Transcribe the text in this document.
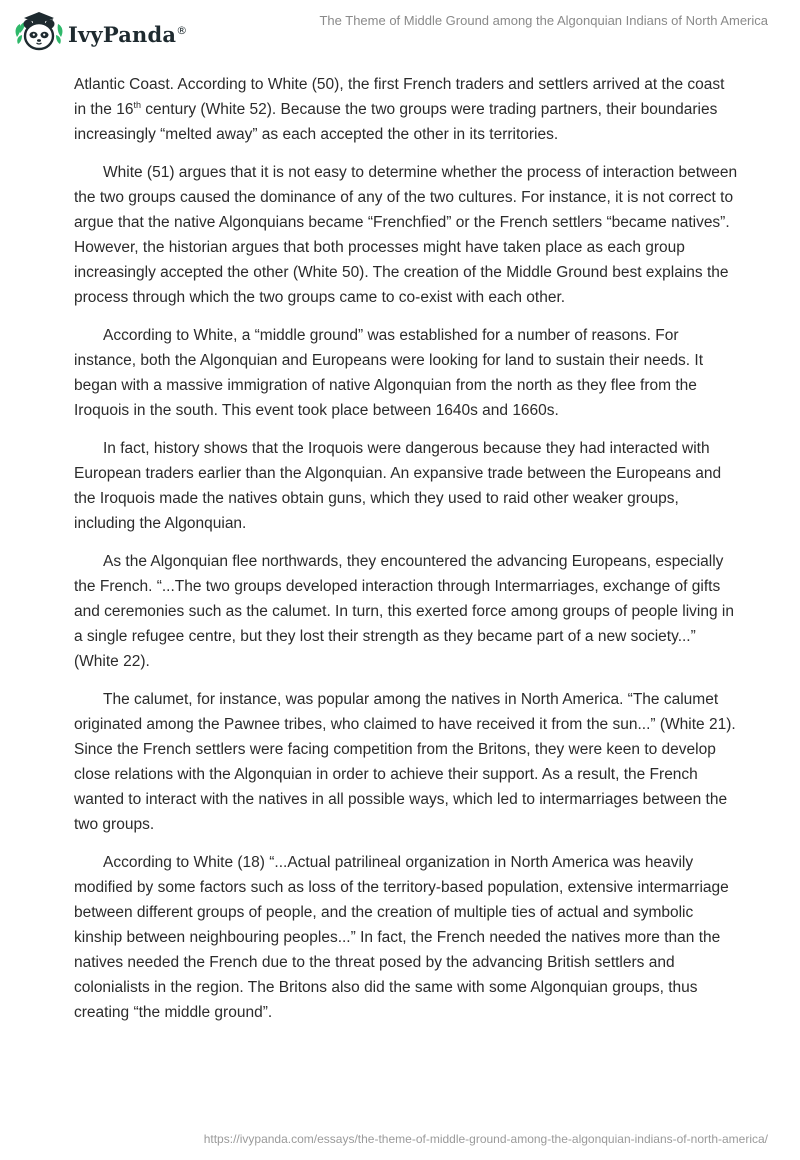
IvyPanda®
The Theme of Middle Ground among the Algonquian Indians of North America

Atlantic Coast. According to White (50), the first French traders and settlers arrived at the coast in the 16th century (White 52). Because the two groups were trading partners, their boundaries increasingly “melted away” as each accepted the other in its territories.

White (51) argues that it is not easy to determine whether the process of interaction between the two groups caused the dominance of any of the two cultures. For instance, it is not correct to argue that the native Algonquians became “Frenchfied” or the French settlers “became natives”. However, the historian argues that both processes might have taken place as each group increasingly accepted the other (White 50). The creation of the Middle Ground best explains the process through which the two groups came to co-exist with each other.

According to White, a “middle ground” was established for a number of reasons. For instance, both the Algonquian and Europeans were looking for land to sustain their needs. It began with a massive immigration of native Algonquian from the north as they flee from the Iroquois in the south. This event took place between 1640s and 1660s.

In fact, history shows that the Iroquois were dangerous because they had interacted with European traders earlier than the Algonquian. An expansive trade between the Europeans and the Iroquois made the natives obtain guns, which they used to raid other weaker groups, including the Algonquian.

As the Algonquian flee northwards, they encountered the advancing Europeans, especially the French. “...The two groups developed interaction through Intermarriages, exchange of gifts and ceremonies such as the calumet. In turn, this exerted force among groups of people living in a single refugee centre, but they lost their strength as they became part of a new society...” (White 22).

The calumet, for instance, was popular among the natives in North America. “The calumet originated among the Pawnee tribes, who claimed to have received it from the sun...” (White 21). Since the French settlers were facing competition from the Britons, they were keen to develop close relations with the Algonquian in order to achieve their support. As a result, the French wanted to interact with the natives in all possible ways, which led to intermarriages between the two groups.

According to White (18) “...Actual patrilineal organization in North America was heavily modified by some factors such as loss of the territory-based population, extensive intermarriage between different groups of people, and the creation of multiple ties of actual and symbolic kinship between neighbouring peoples...” In fact, the French needed the natives more than the natives needed the French due to the threat posed by the advancing British settlers and colonialists in the region. The Britons also did the same with some Algonquian groups, thus creating “the middle ground”.

https://ivypanda.com/essays/the-theme-of-middle-ground-among-the-algonquian-indians-of-north-america/
